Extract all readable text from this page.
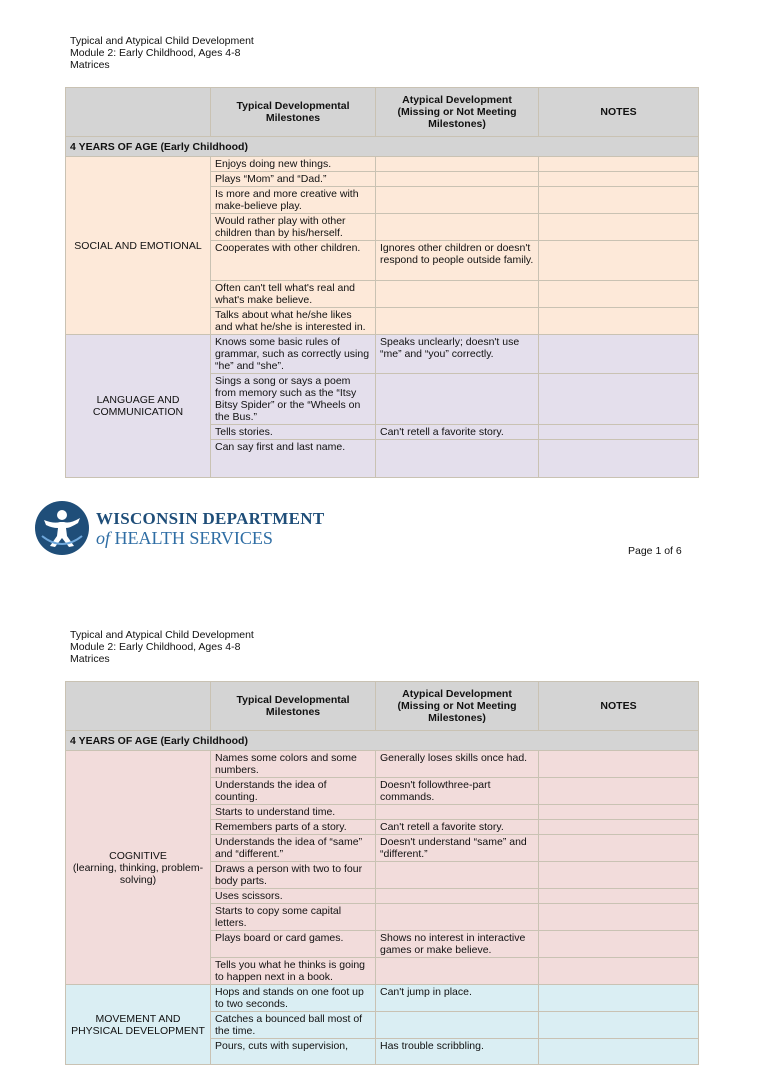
Typical and Atypical Child Development
Module 2: Early Childhood, Ages 4-8
Matrices
	Typical Developmental Milestones	Atypical Development (Missing or Not Meeting Milestones)	NOTES
4 YEARS OF AGE (Early Childhood)			
SOCIAL AND EMOTIONAL	Enjoys doing new things.		
	Plays “Mom” and “Dad.”		
	Is more and more creative with make-believe play.		
	Would rather play with other children than by his/herself.		
	Cooperates with other children.	Ignores other children or doesn't respond to people outside family.	
	Often can't tell what's real and what's make believe.		
	Talks about what he/she likes and what he/she is interested in.		
LANGUAGE AND COMMUNICATION	Knows some basic rules of grammar, such as correctly using “he” and “she”.	Speaks unclearly; doesn't use “me” and “you” correctly.	
	Sings a song or says a poem from memory such as the “Itsy Bitsy Spider” or the “Wheels on the Bus.”		
	Tells stories.	Can't retell a favorite story.	
	Can say first and last name.		
WISCONSIN DEPARTMENT
of HEALTH SERVICES
Page 1 of 6
Typical and Atypical Child Development
Module 2: Early Childhood, Ages 4-8
Matrices
	Typical Developmental Milestones	Atypical Development (Missing or Not Meeting Milestones)	NOTES
4 YEARS OF AGE (Early Childhood)			
COGNITIVE
(learning, thinking, problem-solving)	Names some colors and some numbers.	Generally loses skills once had.	
	Understands the idea of counting.	Doesn't followthree-part commands.	
	Starts to understand time.		
	Remembers parts of a story.	Can't retell a favorite story.	
	Understands the idea of “same” and “different.”	Doesn't understand “same” and “different.”	
	Draws a person with two to four body parts.		
	Uses scissors.		
	Starts to copy some capital letters.		
	Plays board or card games.	Shows no interest in interactive games or make believe.	
	Tells you what he thinks is going to happen next in a book.		
MOVEMENT AND PHYSICAL DEVELOPMENT	Hops and stands on one foot up to two seconds.	Can't jump in place.	
	Catches a bounced ball most of the time.		
	Pours, cuts with supervision,	Has trouble scribbling.	
